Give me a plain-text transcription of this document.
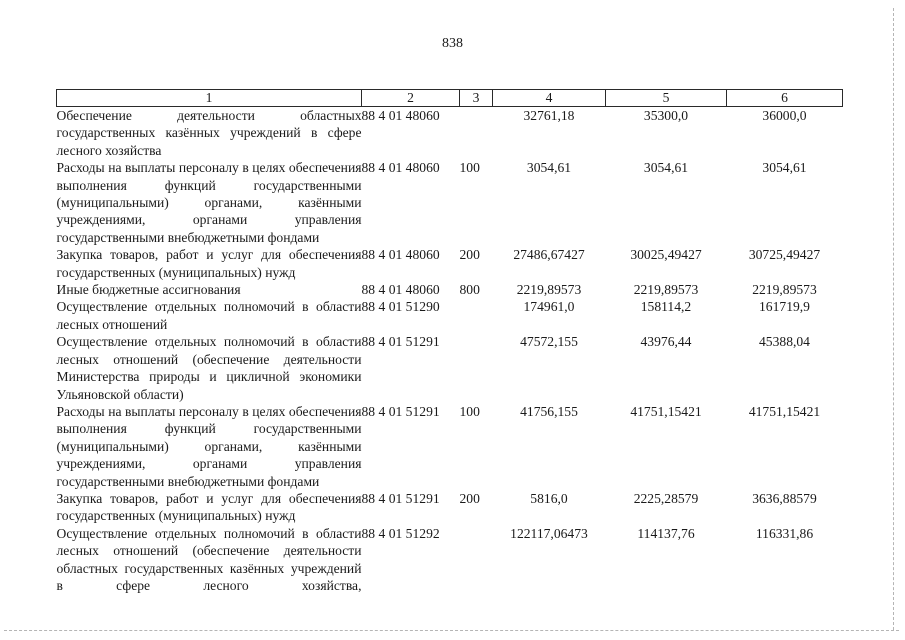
838
1	2	3	4	5	6
Обеспечение деятельности областных государственных казённых учреждений в сфере лесного хозяйства	88 4 01 48060		32761,18	35300,0	36000,0
Расходы на выплаты персоналу в целях обеспечения выполнения функций государственными (муниципальными) органами, казёнными учреждениями, органами управления государственными внебюджетными фондами	88 4 01 48060	100	3054,61	3054,61	3054,61
Закупка товаров, работ и услуг для обеспечения государственных (муниципальных) нужд	88 4 01 48060	200	27486,67427	30025,49427	30725,49427
Иные бюджетные ассигнования	88 4 01 48060	800	2219,89573	2219,89573	2219,89573
Осуществление отдельных полномочий в области лесных отношений	88 4 01 51290		174961,0	158114,2	161719,9
Осуществление отдельных полномочий в области лесных отношений (обеспечение деятельности Министерства природы и цикличной экономики Ульяновской области)	88 4 01 51291		47572,155	43976,44	45388,04
Расходы на выплаты персоналу в целях обеспечения выполнения функций государственными (муниципальными) органами, казёнными учреждениями, органами управления государственными внебюджетными фондами	88 4 01 51291	100	41756,155	41751,15421	41751,15421
Закупка товаров, работ и услуг для обеспечения государственных (муниципальных) нужд	88 4 01 51291	200	5816,0	2225,28579	3636,88579
Осуществление отдельных полномочий в области лесных отношений (обеспечение деятельности областных государственных казённых учреждений в сфере лесного хозяйства,	88 4 01 51292		122117,06473	114137,76	116331,86
